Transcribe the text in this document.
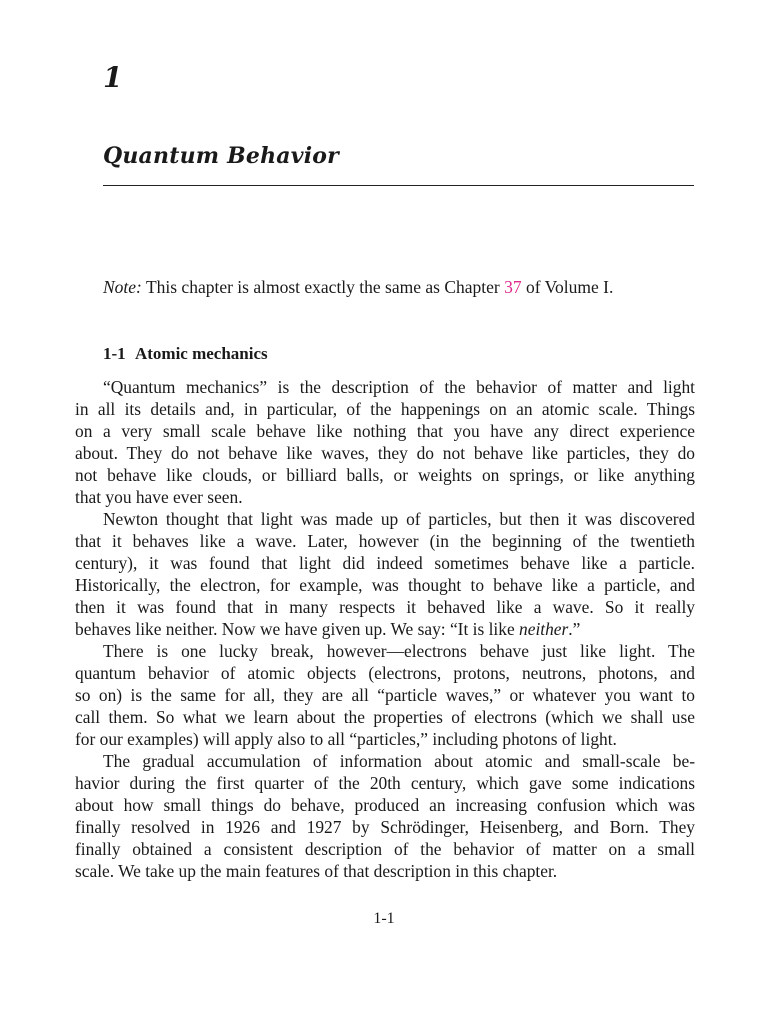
1
Quantum Behavior
Note: This chapter is almost exactly the same as Chapter 37 of Volume I.
1-1 Atomic mechanics
“Quantum mechanics” is the description of the behavior of matter and light
in all its details and, in particular, of the happenings on an atomic scale. Things
on a very small scale behave like nothing that you have any direct experience
about. They do not behave like waves, they do not behave like particles, they do
not behave like clouds, or billiard balls, or weights on springs, or like anything
that you have ever seen.
Newton thought that light was made up of particles, but then it was discovered
that it behaves like a wave. Later, however (in the beginning of the twentieth
century), it was found that light did indeed sometimes behave like a particle.
Historically, the electron, for example, was thought to behave like a particle, and
then it was found that in many respects it behaved like a wave. So it really
behaves like neither. Now we have given up. We say: “It is like neither.”
There is one lucky break, however—electrons behave just like light. The
quantum behavior of atomic objects (electrons, protons, neutrons, photons, and
so on) is the same for all, they are all “particle waves,” or whatever you want to
call them. So what we learn about the properties of electrons (which we shall use
for our examples) will apply also to all “particles,” including photons of light.
The gradual accumulation of information about atomic and small-scale be-
havior during the first quarter of the 20th century, which gave some indications
about how small things do behave, produced an increasing confusion which was
finally resolved in 1926 and 1927 by Schrödinger, Heisenberg, and Born. They
finally obtained a consistent description of the behavior of matter on a small
scale. We take up the main features of that description in this chapter.
1-1
